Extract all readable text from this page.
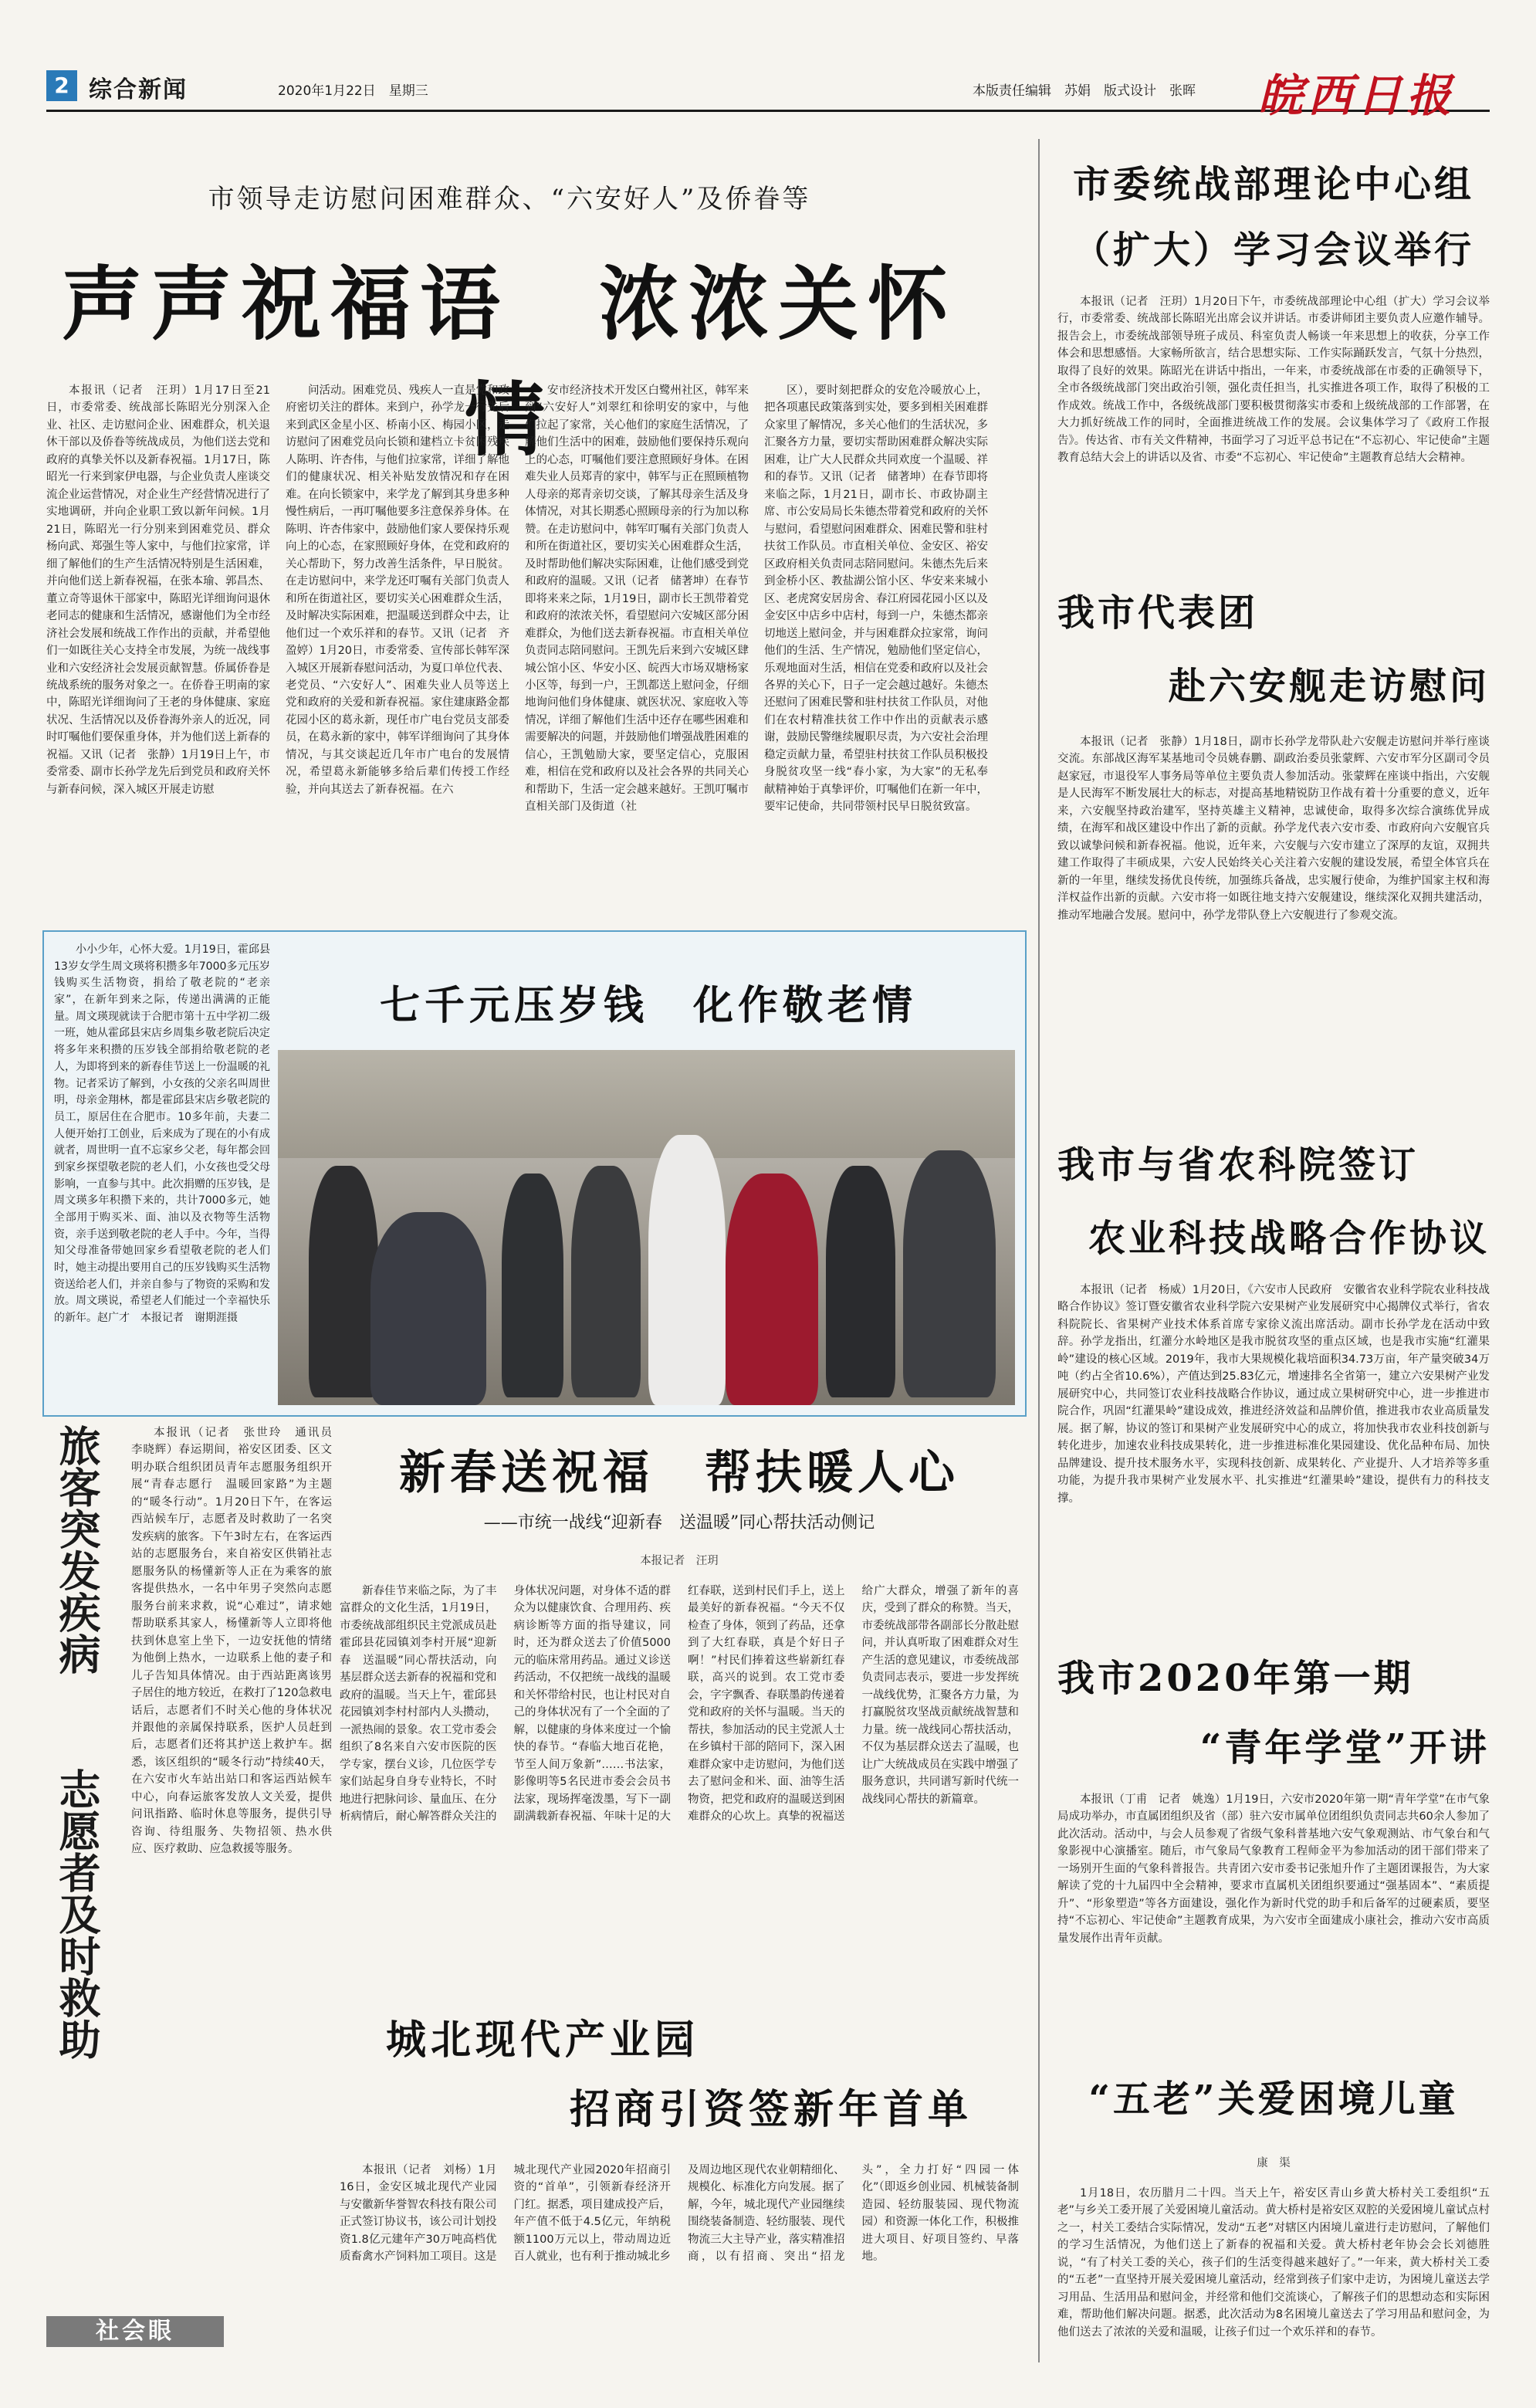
2 综合新闻	2020年1月22日　星期三	本版责任编辑　苏娟　版式设计　张晖 皖西日报
市领导走访慰问困难群众、“六安好人”及侨眷等
声声祝福语　浓浓关怀情

本报讯（记者　汪玥）1月17日至21日，市委常委、统战部长陈昭光分别深入企业、社区、走访慰问企业、困难群众，机关退休干部以及侨眷等统战成员，为他们送去党和政府的真挚关怀以及新春祝福。1月17日，陈昭光一行来到家伊电器，与企业负责人座谈交流企业运营情况，对企业生产经营情况进行了实地调研，并向企业职工致以新年问候。1月21日，陈昭光一行分别来到困难党员、群众杨向武、郑强生等人家中，与他们拉家常，详细了解他们的生产生活情况特别是生活困难，并向他们送上新春祝福，在张本瑜、郭昌杰、董立奇等退休干部家中，陈昭光详细询问退休老同志的健康和生活情况，感谢他们为全市经济社会发展和统战工作作出的贡献，并希望他们一如既往关心支持全市发展，为统一战线事业和六安经济社会发展贡献智慧。侨属侨眷是统战系统的服务对象之一。在侨眷王明南的家中，陈昭光详细询问了王老的身体健康、家庭状况、生活情况以及侨眷海外亲人的近况，同时叮嘱他们要保重身体，并为他们送上新春的祝福。又讯（记者　张静）1月19日上午，市委常委、副市长孙学龙先后到党员和政府关怀与新春问候，深入城区开展走访慰

问活动。困难党员、残疾人一直是党和政府密切关注的群体。来到户，孙学龙一行先后来到武区金星小区、桥南小区、梅园小区，走访慰问了困难党员向长锁和建档立卡贫困残疾人陈明、许杏伟，与他们拉家常，详细了解他们的健康状况、相关补贴发放情况和存在困难。在向长锁家中，来学龙了解到其身患多种慢性病后，一再叮嘱他要多注意保养身体。在陈明、许杏伟家中，鼓励他们家人要保持乐观向上的心态，在家照顾好身体，在党和政府的关心帮助下，努力改善生活条件，早日脱贫。在走访慰问中，来学龙还叮嘱有关部门负责人和所在街道社区，要切实关心困难群众生活，及时解决实际困难，把温暖送到群众中去，让他们过一个欢乐祥和的春节。又讯（记者　齐盈婷）1月20日，市委常委、宣传部长韩军深入城区开展新春慰问活动，为夏口单位代表、老党员、“六安好人”、困难失业人员等送上党和政府的关爱和新春祝福。家住建康路金都花园小区的葛永新，现任市广电台党员支部委员，在葛永新的家中，韩军详细询问了其身体情况，与其交谈起近几年市广电台的发展情况，希望葛永新能够多给后辈们传授工作经验，并向其送去了新春祝福。在六

安市经济技术开发区白鹭州社区，韩军来到“六安好人”刘翠红和徐明安的家中，与他们拉起了家常，关心他们的家庭生活情况，了解他们生活中的困难，鼓励他们要保持乐观向上的心态，叮嘱他们要注意照顾好身体。在困难失业人员郑青的家中，韩军与正在照顾植物人母亲的郑青亲切交谈，了解其母亲生活及身体情况，对其长期悉心照顾母亲的行为加以称赞。在走访慰问中，韩军叮嘱有关部门负责人和所在街道社区，要切实关心困难群众生活，及时帮助他们解决实际困难，让他们感受到党和政府的温暖。又讯（记者　储著坤）在春节即将来来之际，1月19日，副市长王凯带着党和政府的浓浓关怀，看望慰问六安城区部分困难群众，为他们送去新春祝福。市直相关单位负责同志陪同慰问。王凯先后来到六安城区肆城公馆小区、华安小区、皖西大市场双塘杨家小区等，每到一户，王凯都送上慰问金，仔细地询问他们身体健康、就医状况、家庭收入等情况，详细了解他们生活中还存在哪些困难和需要解决的问题，并鼓励他们增强战胜困难的信心，王凯勉励大家，要坚定信心，克服困难，相信在党和政府以及社会各界的共同关心和帮助下，生活一定会越来越好。王凯叮嘱市直相关部门及街道（社

区），要时刻把群众的安危冷暖放心上，把各项惠民政策落到实处，要多到相关困难群众家里了解情况，多关心他们的生活状况，多汇聚各方力量，要切实帮助困难群众解决实际困难，让广大人民群众共同欢度一个温暖、祥和的春节。又讯（记者　储著坤）在春节即将来临之际，1月21日，副市长、市政协副主席、市公安局局长朱德杰带着党和政府的关怀与慰问，看望慰问困难群众、困难民警和驻村扶贫工作队员。市直相关单位、金安区、裕安区政府相关负责同志陪同慰问。朱德杰先后来到金桥小区、教盐湖公馆小区、华安来来城小区、老虎窝安居房舍、春江府园花园小区以及金安区中店乡中店村，每到一户，朱德杰都亲切地送上慰问金，并与困难群众拉家常，询问他们的生活、生产情况，勉励他们坚定信心，乐观地面对生活，相信在党委和政府以及社会各界的关心下，日子一定会越过越好。朱德杰还慰问了困难民警和驻村扶贫工作队员，对他们在农村精准扶贫工作中作出的贡献表示感谢，鼓励民警继续履职尽责，为六安社会治理稳定贡献力量，希望驻村扶贫工作队员积极投身脱贫攻坚一线“春小家，为大家”的无私奉献精神始于真挚评价，叮嘱他们在新一年中，要牢记使命，共同带领村民早日脱贫致富。

小小少年，心怀大爱。1月19日，霍邱县13岁女学生周文瑛将积攒多年7000多元压岁钱购买生活物资，捐给了敬老院的“老亲家”，在新年到来之际，传递出满满的正能量。周文瑛现就读于合肥市第十五中学初二级一班，她从霍邱县宋店乡周集乡敬老院后决定将多年来积攒的压岁钱全部捐给敬老院的老人，为即将到来的新春佳节送上一份温暖的礼物。记者采访了解到，小女孩的父亲名叫周世明，母亲金翔林，都是霍邱县宋店乡敬老院的员工，原居住在合肥市。10多年前，夫妻二人便开始打工创业，后来成为了现在的小有成就者，周世明一直不忘家乡父老，每年都会回到家乡探望敬老院的老人们，小女孩也受父母影响，一直参与其中。此次捐赠的压岁钱，是周文瑛多年积攒下来的，共计7000多元，她全部用于购买米、面、油以及衣物等生活物资，亲手送到敬老院的老人手中。今年，当得知父母准备带她回家乡看望敬老院的老人们时，她主动提出要用自己的压岁钱购买生活物资送给老人们，并亲自参与了物资的采购和发放。周文瑛说，希望老人们能过一个幸福快乐的新年。赵广才　本报记者　谢期涯摄

七千元压岁钱　化作敬老情
旅客突发疾病
志愿者及时救助

本报讯（记者　张世玲　通讯员　李晓辉）春运期间，裕安区团委、区文明办联合组织团员青年志愿服务组织开展“青春志愿行　温暖回家路”为主题的“暖冬行动”。1月20日下午，在客运西站候车厅，志愿者及时救助了一名突发疾病的旅客。下午3时左右，在客运西站的志愿服务台，来自裕安区供销社志愿服务队的杨懂新等人正在为乘客的旅客提供热水，一名中年男子突然向志愿服务台前来求救，说“心难过”，请求她帮助联系其家人，杨懂新等人立即将他扶到休息室上坐下，一边安抚他的情绪为他倒上热水，一边联系上他的妻子和儿子告知具体情况。由于西站距离该男子居住的地方较近，在救打了120急救电话后，志愿者们不时关心他的身体状况并跟他的亲属保持联系，医护人员赶到后，志愿者们还将其护送上救护车。据悉，该区组织的“暖冬行动”持续40天，在六安市火车站出站口和客运西站候车中心，向春运旅客发放人文关爱，提供问讯指路、临时休息等服务，提供引导咨询、待组服务、失物招领、热水供应、医疗救助、应急救援等服务。

社会眼
新春送祝福　帮扶暖人心
——市统一战线“迎新春　送温暖”同心帮扶活动侧记
本报记者　汪玥

新春佳节来临之际，为了丰富群众的文化生活，1月19日，市委统战部组织民主党派成员赴霍邱县花园镇刘李村开展“迎新春　送温暖”同心帮扶活动，向基层群众送去新春的祝福和党和政府的温暖。当天上午，霍邱县花园镇刘李村村部内人头攒动，一派热闹的景象。农工党市委会组织了8名来自六安市医院的医学专家，摆台义诊，几位医学专家们站起身自身专业特长，不时地进行把脉问诊、量血压、在分析病情后，耐心解答群众关注的身体状况问题，对身体不适的群众为以健康饮食、合理用药、疾病诊断等方面的指导建议，同时，还为群众送去了价值5000元的临床常用药品。通过义诊送药活动，不仅把统一战线的温暖和关怀带给村民，也让村民对自己的身体状况有了一个全面的了解，以健康的身体来度过一个愉快的春节。“春临大地百花艳，节至人间万象新”……书法家，影像明等5名民进市委会会员书法家，现场挥毫泼墨，写下一副副满载新春祝福、年味十足的大红春联，送到村民们手上，送上最美好的新春祝福。“今天不仅检查了身体，领到了药品，还拿到了大红春联，真是个好日子啊！”村民们捧着这些崭新红春联，高兴的说到。农工党市委会，字字飘香、春联墨韵传递着党和政府的关怀与温暖。当天的帮扶，参加活动的民主党派人士在乡镇村干部的陪同下，深入困难群众家中走访慰问，为他们送去了慰问金和米、面、油等生活物资，把党和政府的温暖送到困难群众的心坎上。真挚的祝福送给广大群众，增强了新年的喜庆，受到了群众的称赞。当天，市委统战部带各副部长分散赴慰问，并认真听取了困难群众对生产生活的意见建议，市委统战部负责同志表示，要进一步发挥统一战线优势，汇聚各方力量，为打赢脱贫攻坚战贡献统战智慧和力量。统一战线同心帮扶活动，不仅为基层群众送去了温暖，也让广大统战成员在实践中增强了服务意识，共同谱写新时代统一战线同心帮扶的新篇章。

城北现代产业园
招商引资签新年首单

本报讯（记者　刘杨）1月16日，金安区城北现代产业园与安徽新华誉智农科技有限公司正式签订协议书，该公司计划投资1.8亿元建年产30万吨高档优质畜禽水产饲料加工项目。这是城北现代产业园2020年招商引资的“首单”，引领新春经济开门红。据悉，项目建成投产后，年产值不低于4.5亿元，年纳税额1100万元以上，带动周边近百人就业，也有利于推动城北乡及周边地区现代农业朝精细化、规模化、标准化方向发展。据了解，今年，城北现代产业园继续围绕装备制造、轻纺服装、现代物流三大主导产业，落实精准招商，以有招商、突出“招龙头”，全力打好“四园一体化”（即返乡创业园、机械装备制造园、轻纺服装园、现代物流园）和资源一体化工作，积极推进大项目、好项目签约、早落地。

市委统战部理论中心组
（扩大）学习会议举行

本报讯（记者　汪玥）1月20日下午，市委统战部理论中心组（扩大）学习会议举行，市委常委、统战部长陈昭光出席会议并讲话。市委讲师团主要负责人应邀作辅导。报告会上，市委统战部领导班子成员、科室负责人畅谈一年来思想上的收获，分享工作体会和思想感悟。大家畅所欲言，结合思想实际、工作实际踊跃发言，气氛十分热烈，取得了良好的效果。陈昭光在讲话中指出，一年来，市委统战部在市委的正确领导下，全市各级统战部门突出政治引领，强化责任担当，扎实推进各项工作，取得了积极的工作成效。统战工作中，各级统战部门要积极贯彻落实市委和上级统战部的工作部署，在大力抓好统战工作的同时，全面推进统战工作的发展。会议集体学习了《政府工作报告》。传达省、市有关文件精神，书面学习了习近平总书记在“不忘初心、牢记使命”主题教育总结大会上的讲话以及省、市委“不忘初心、牢记使命”主题教育总结大会精神。

我市代表团
赴六安舰走访慰问

本报讯（记者　张静）1月18日，副市长孙学龙带队赴六安舰走访慰问并举行座谈交流。东部战区海军某基地司令员姚春鹏、副政治委员张蒙辉、六安市军分区副司令员赵家冠，市退役军人事务局等单位主要负责人参加活动。张蒙辉在座谈中指出，六安舰是人民海军不断发展壮大的标志，对提高基地精锐防卫作战有着十分重要的意义，近年来，六安舰坚持政治建军，坚持英雄主义精神，忠诚使命，取得多次综合演练优异成绩，在海军和战区建设中作出了新的贡献。孙学龙代表六安市委、市政府向六安舰官兵致以诚挚问候和新春祝福。他说，近年来，六安舰与六安市建立了深厚的友谊，双拥共建工作取得了丰硕成果，六安人民始终关心关注着六安舰的建设发展，希望全体官兵在新的一年里，继续发扬优良传统，加强练兵备战，忠实履行使命，为维护国家主权和海洋权益作出新的贡献。六安市将一如既往地支持六安舰建设，继续深化双拥共建活动，推动军地融合发展。慰问中，孙学龙带队登上六安舰进行了参观交流。

我市与省农科院签订
农业科技战略合作协议

本报讯（记者　杨威）1月20日，《六安市人民政府　安徽省农业科学院农业科技战略合作协议》签订暨安徽省农业科学院六安果树产业发展研究中心揭牌仪式举行，省农科院院长、省果树产业技术体系首席专家徐义流出席活动。副市长孙学龙在活动中致辞。孙学龙指出，红灌分水岭地区是我市脱贫攻坚的重点区域，也是我市实施“红灌果岭”建设的核心区域。2019年，我市大果规模化栽培面积34.73万亩，年产量突破34万吨（约占全省10.6%），产值达到25.83亿元，增速排名全省第一，建立六安果树产业发展研究中心，共同签订农业科技战略合作协议，通过成立果树研究中心，进一步推进市院合作，巩固“红灌果岭”建设成效，推进经济效益和品牌价值，推进我市农业高质量发展。据了解，协议的签订和果树产业发展研究中心的成立，将加快我市农业科技创新与转化进步，加速农业科技成果转化，进一步推进标准化果园建设、优化品种布局、加快品牌建设、提升技术服务水平，实现科技创新、成果转化、产业提升、人才培养等多重功能，为提升我市果树产业发展水平、扎实推进“红灌果岭”建设，提供有力的科技支撑。

我市2020年第一期
“青年学堂”开讲

本报讯（丁甫　记者　姚逸）1月19日，六安市2020年第一期“青年学堂”在市气象局成功举办，市直属团组织及省（部）驻六安市属单位团组织负责同志共60余人参加了此次活动。活动中，与会人员参观了省级气象科普基地六安气象观测站、市气象台和气象影视中心演播室。随后，市气象局气象教育工程师金平为参加活动的团干部们带来了一场别开生面的气象科普报告。共青团六安市委书记张旭升作了主题团课报告，为大家解读了党的十九届四中全会精神，要求市直属机关团组织要通过“强基固本”、“素质提升”、“形象塑造”等各方面建设，强化作为新时代党的助手和后备军的过硬素质，要坚持“不忘初心、牢记使命”主题教育成果，为六安市全面建成小康社会，推动六安市高质量发展作出青年贡献。

“五老”关爱困境儿童
康　渠

1月18日，农历腊月二十四。当天上午，裕安区青山乡黄大桥村关工委组织“五老”与乡关工委开展了关爱困境儿童活动。黄大桥村是裕安区双腔的关爱困境儿童试点村之一，村关工委结合实际情况，发动“五老”对辖区内困境儿童进行走访慰问，了解他们的学习生活情况，为他们送上了新春的祝福和关爱。黄大桥村老年协会会长刘德胜说，“有了村关工委的关心，孩子们的生活变得越来越好了。”一年来，黄大桥村关工委的“五老”一直坚持开展关爱困境儿童活动，经常到孩子们家中走访，为困境儿童送去学习用品、生活用品和慰问金，并经常和他们交流谈心，了解孩子们的思想动态和实际困难，帮助他们解决问题。据悉，此次活动为8名困境儿童送去了学习用品和慰问金，为他们送去了浓浓的关爱和温暖，让孩子们过一个欢乐祥和的春节。
